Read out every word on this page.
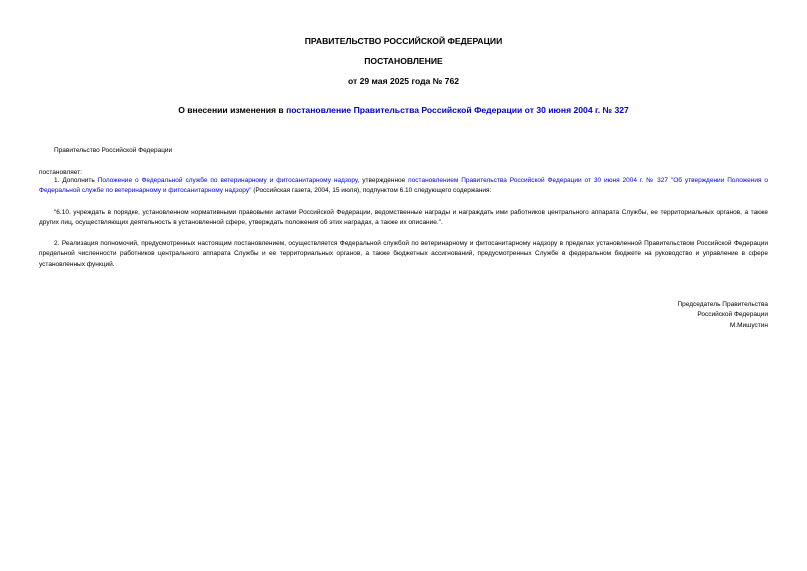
ПРАВИТЕЛЬСТВО РОССИЙСКОЙ ФЕДЕРАЦИИ
ПОСТАНОВЛЕНИЕ
от 29 мая 2025 года № 762
О внесении изменения в постановление Правительства Российской Федерации от 30 июня 2004 г. № 327
Правительство Российской Федерации
постановляет:
1. Дополнить Положение о Федеральной службе по ветеринарному и фитосанитарному надзору, утвержденное постановлением Правительства Российской Федерации от 30 июня 2004 г. № 327 "Об утверждении Положения о Федеральной службе по ветеринарному и фитосанитарному надзору" (Российская газета, 2004, 15 июля), подпунктом 6.10 следующего содержания:
"6.10. учреждать в порядке, установленном нормативными правовыми актами Российской Федерации, ведомственные награды и награждать ими работников центрального аппарата Службы, ее территориальных органов, а также других лиц, осуществляющих деятельность в установленной сфере, утверждать положения об этих наградах, а также их описание.".
2. Реализация полномочий, предусмотренных настоящим постановлением, осуществляется Федеральной службой по ветеринарному и фитосанитарному надзору в пределах установленной Правительством Российской Федерации предельной численности работников центрального аппарата Службы и ее территориальных органов, а также бюджетных ассигнований, предусмотренных Службе в федеральном бюджете на руководство и управление в сфере установленных функций.
Председатель Правительства
Российской Федерации
М.Мишустин
